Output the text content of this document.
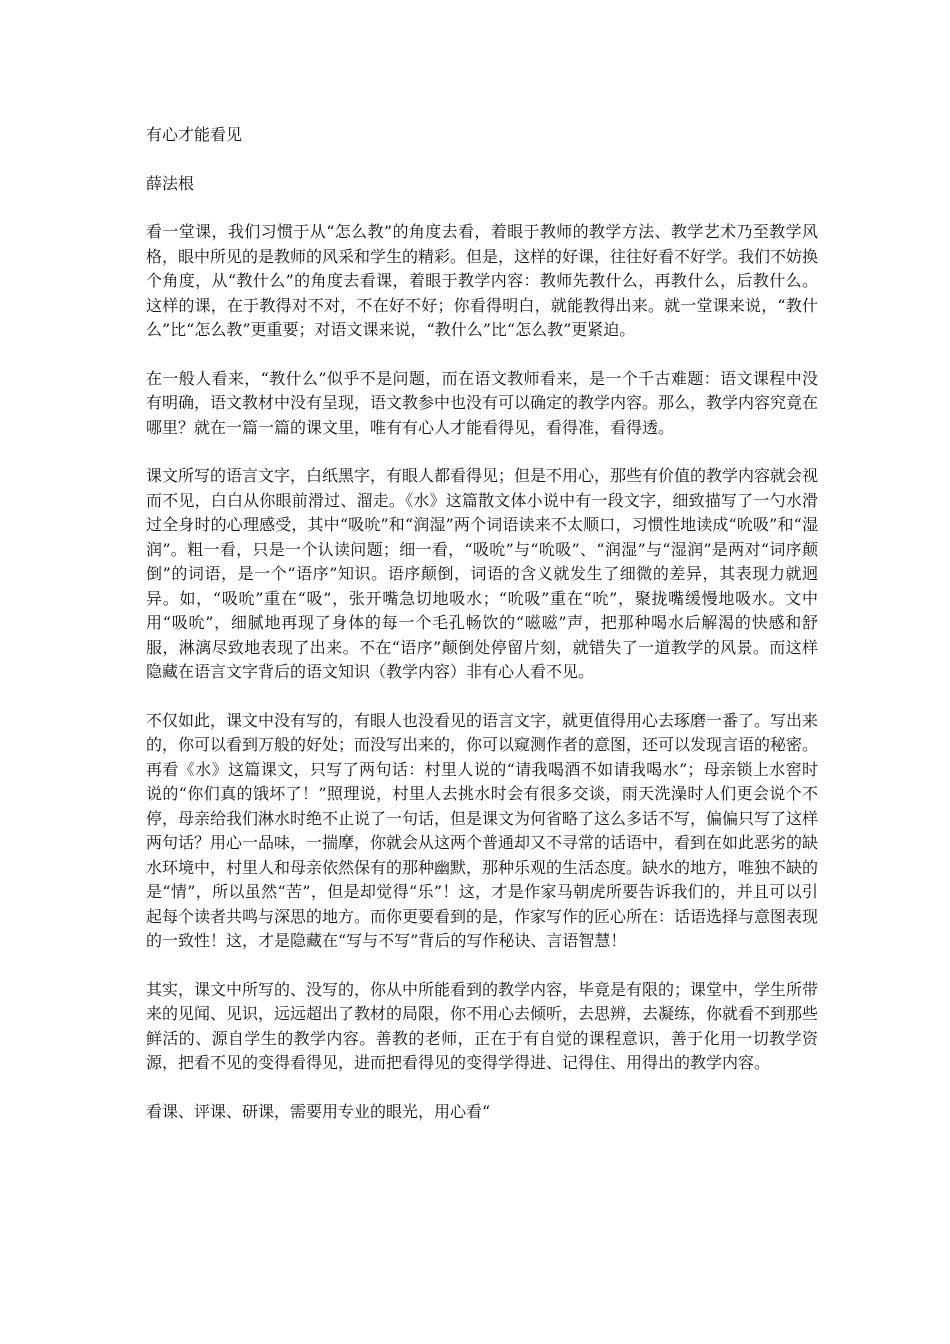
有心才能看见

薛法根

看一堂课，我们习惯于从“怎么教”的角度去看，着眼于教师的教学方法、教学艺术乃至教学风格，眼中所见的是教师的风采和学生的精彩。但是，这样的好课，往往好看不好学。我们不妨换个角度，从“教什么”的角度去看课，着眼于教学内容：教师先教什么，再教什么，后教什么。这样的课，在于教得对不对，不在好不好；你看得明白，就能教得出来。就一堂课来说，“教什么”比“怎么教”更重要；对语文课来说，“教什么”比“怎么教”更紧迫。

在一般人看来，“教什么”似乎不是问题，而在语文教师看来，是一个千古难题：语文课程中没有明确，语文教材中没有呈现，语文教参中也没有可以确定的教学内容。那么，教学内容究竟在哪里？就在一篇一篇的课文里，唯有有心人才能看得见，看得准，看得透。

课文所写的语言文字，白纸黑字，有眼人都看得见；但是不用心，那些有价值的教学内容就会视而不见，白白从你眼前滑过、溜走。《水》这篇散文体小说中有一段文字，细致描写了一勺水滑过全身时的心理感受，其中“吸吮”和“润湿”两个词语读来不太顺口，习惯性地读成“吮吸”和“湿润”。粗一看，只是一个认读问题；细一看，“吸吮”与“吮吸”、“润湿”与“湿润”是两对“词序颠倒”的词语，是一个“语序”知识。语序颠倒，词语的含义就发生了细微的差异，其表现力就迥异。如，“吸吮”重在“吸”，张开嘴急切地吸水；“吮吸”重在“吮”，聚拢嘴缓慢地吸水。文中用“吸吮”，细腻地再现了身体的每一个毛孔畅饮的“嗞嗞”声，把那种喝水后解渴的快感和舒服，淋漓尽致地表现了出来。不在“语序”颠倒处停留片刻，就错失了一道教学的风景。而这样隐藏在语言文字背后的语文知识（教学内容）非有心人看不见。

不仅如此，课文中没有写的，有眼人也没看见的语言文字，就更值得用心去琢磨一番了。写出来的，你可以看到万般的好处；而没写出来的，你可以窥测作者的意图，还可以发现言语的秘密。再看《水》这篇课文，只写了两句话：村里人说的“请我喝酒不如请我喝水”；母亲锁上水窖时说的“你们真的饿坏了！”照理说，村里人去挑水时会有很多交谈，雨天洗澡时人们更会说个不停，母亲给我们淋水时绝不止说了一句话，但是课文为何省略了这么多话不写，偏偏只写了这样两句话？用心一品味，一揣摩，你就会从这两个普通却又不寻常的话语中，看到在如此恶劣的缺水环境中，村里人和母亲依然保有的那种幽默，那种乐观的生活态度。缺水的地方，唯独不缺的是“情”，所以虽然“苦”，但是却觉得“乐”！这，才是作家马朝虎所要告诉我们的，并且可以引起每个读者共鸣与深思的地方。而你更要看到的是，作家写作的匠心所在：话语选择与意图表现的一致性！这，才是隐藏在“写与不写”背后的写作秘诀、言语智慧！

其实，课文中所写的、没写的，你从中所能看到的教学内容，毕竟是有限的；课堂中，学生所带来的见闻、见识，远远超出了教材的局限，你不用心去倾听，去思辨，去凝练，你就看不到那些鲜活的、源自学生的教学内容。善教的老师，正在于有自觉的课程意识，善于化用一切教学资源，把看不见的变得看得见，进而把看得见的变得学得进、记得住、用得出的教学内容。

看课、评课、研课，需要用专业的眼光，用心看“
